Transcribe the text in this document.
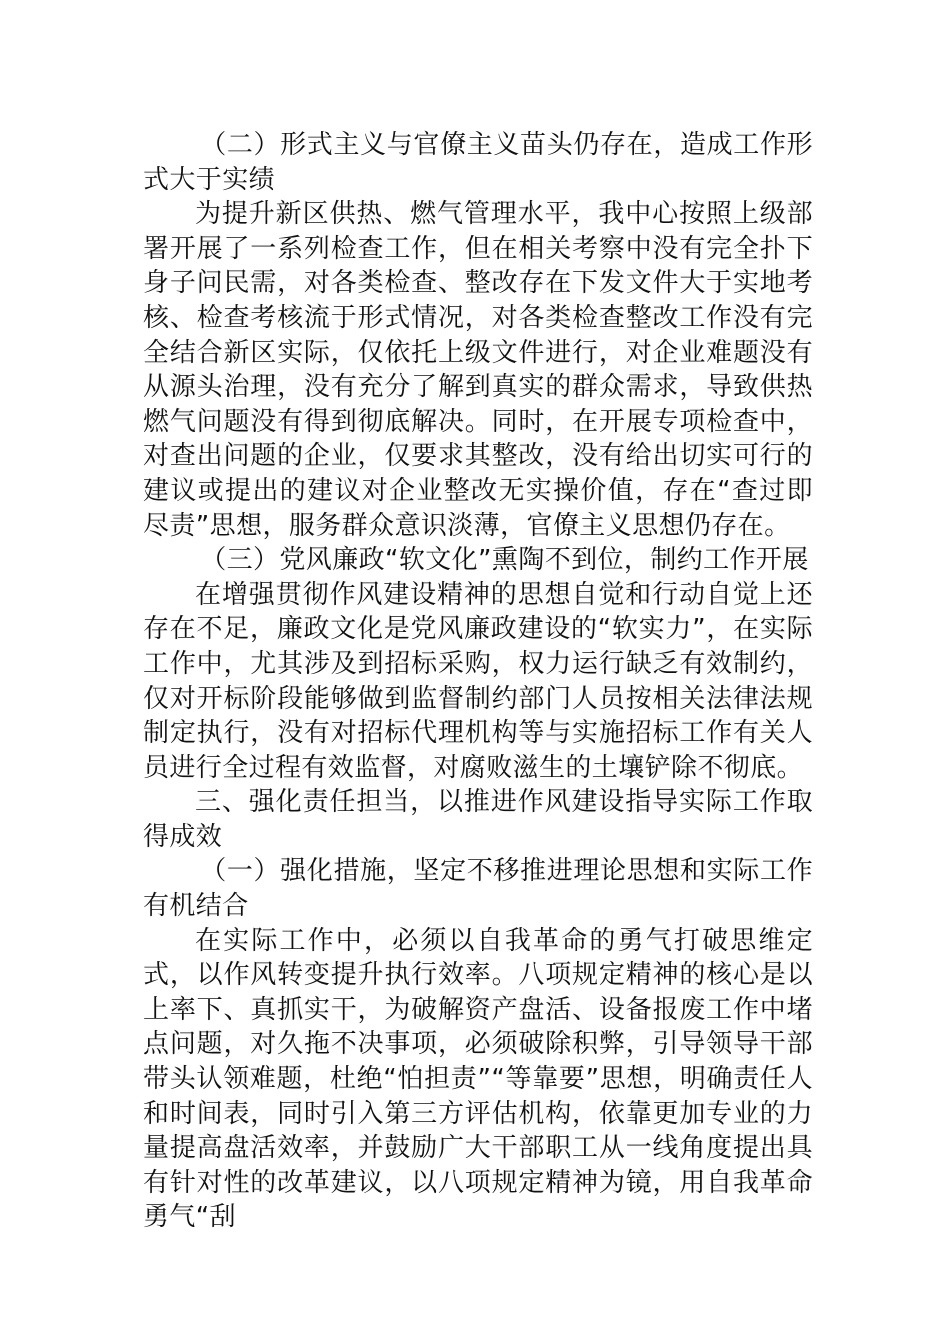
（二）形式主义与官僚主义苗头仍存在，造成工作形式大于实绩

为提升新区供热、燃气管理水平，我中心按照上级部署开展了一系列检查工作，但在相关考察中没有完全扑下身子问民需，对各类检查、整改存在下发文件大于实地考核、检查考核流于形式情况，对各类检查整改工作没有完全结合新区实际，仅依托上级文件进行，对企业难题没有从源头治理，没有充分了解到真实的群众需求，导致供热燃气问题没有得到彻底解决。同时，在开展专项检查中，对查出问题的企业，仅要求其整改，没有给出切实可行的建议或提出的建议对企业整改无实操价值，存在“查过即尽责”思想，服务群众意识淡薄，官僚主义思想仍存在。

（三）党风廉政“软文化”熏陶不到位，制约工作开展

在增强贯彻作风建设精神的思想自觉和行动自觉上还存在不足，廉政文化是党风廉政建设的“软实力”，在实际工作中，尤其涉及到招标采购，权力运行缺乏有效制约，仅对开标阶段能够做到监督制约部门人员按相关法律法规制定执行，没有对招标代理机构等与实施招标工作有关人员进行全过程有效监督，对腐败滋生的土壤铲除不彻底。

三、强化责任担当，以推进作风建设指导实际工作取得成效

（一）强化措施，坚定不移推进理论思想和实际工作有机结合

在实际工作中，必须以自我革命的勇气打破思维定式，以作风转变提升执行效率。八项规定精神的核心是以上率下、真抓实干，为破解资产盘活、设备报废工作中堵点问题，对久拖不决事项，必须破除积弊，引导领导干部带头认领难题，杜绝“怕担责”“等靠要”思想，明确责任人和时间表，同时引入第三方评估机构，依靠更加专业的力量提高盘活效率，并鼓励广大干部职工从一线角度提出具有针对性的改革建议，以八项规定精神为镜，用自我革命勇气“刮
